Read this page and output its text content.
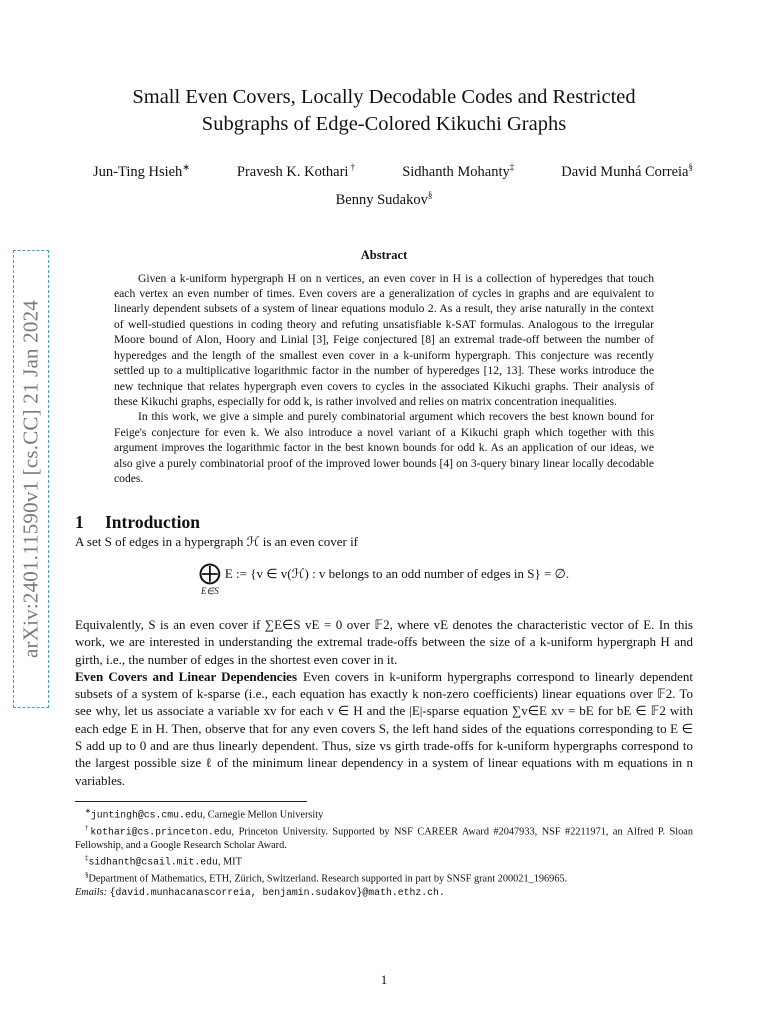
arXiv:2401.11590v1 [cs.CC] 21 Jan 2024
Small Even Covers, Locally Decodable Codes and Restricted
Subgraphs of Edge-Colored Kikuchi Graphs
Jun-Ting Hsieh∗	Pravesh K. Kothari †	Sidhanth Mohanty‡	David Munhá Correia§
Benny Sudakov§
Abstract

Given a k-uniform hypergraph H on n vertices, an even cover in H is a collection of hyperedges that touch each vertex an even number of times. Even covers are a generalization of cycles in graphs and are equivalent to linearly dependent subsets of a system of linear equations modulo 2. As a result, they arise naturally in the context of well-studied questions in coding theory and refuting unsatisfiable k-SAT formulas. Analogous to the irregular Moore bound of Alon, Hoory and Linial [3], Feige conjectured [8] an extremal trade-off between the number of hyperedges and the length of the smallest even cover in a k-uniform hypergraph. This conjecture was recently settled up to a multiplicative logarithmic factor in the number of hyperedges [12, 13]. These works introduce the new technique that relates hypergraph even covers to cycles in the associated Kikuchi graphs. Their analysis of these Kikuchi graphs, especially for odd k, is rather involved and relies on matrix concentration inequalities.

In this work, we give a simple and purely combinatorial argument which recovers the best known bound for Feige's conjecture for even k. We also introduce a novel variant of a Kikuchi graph which together with this argument improves the logarithmic factor in the best known bounds for odd k. As an application of our ideas, we also give a purely combinatorial proof of the improved lower bounds [4] on 3-query binary linear locally decodable codes.

1 Introduction

A set S of edges in a hypergraph ℋ is an even cover if

⨁
E∈S
E := {v ∈ v(ℋ) : v belongs to an odd number of edges in S} = ∅.

Equivalently, S is an even cover if ∑E∈S vE = 0 over 𝔽2, where vE denotes the characteristic vector of E. In this work, we are interested in understanding the extremal trade-offs between the size of a k-uniform hypergraph H and girth, i.e., the number of edges in the shortest even cover in it.

Even Covers and Linear Dependencies Even covers in k-uniform hypergraphs correspond to linearly dependent subsets of a system of k-sparse (i.e., each equation has exactly k non-zero coefficients) linear equations over 𝔽2. To see why, let us associate a variable xv for each v ∈ H and the |E|-sparse equation ∑v∈E xv = bE for bE ∈ 𝔽2 with each edge E in H. Then, observe that for any even covers S, the left hand sides of the equations corresponding to E ∈ S add up to 0 and are thus linearly dependent. Thus, size vs girth trade-offs for k-uniform hypergraphs correspond to the largest possible size ℓ of the minimum linear dependency in a system of linear equations with m equations in n variables.

∗juntingh@cs.cmu.edu, Carnegie Mellon University
†kothari@cs.princeton.edu, Princeton University. Supported by NSF CAREER Award #2047933, NSF #2211971, an Alfred P. Sloan Fellowship, and a Google Research Scholar Award.
‡sidhanth@csail.mit.edu, MIT
§Department of Mathematics, ETH, Zürich, Switzerland. Research supported in part by SNSF grant 200021_196965.
Emails: {david.munhacanascorreia, benjamin.sudakov}@math.ethz.ch.
1
